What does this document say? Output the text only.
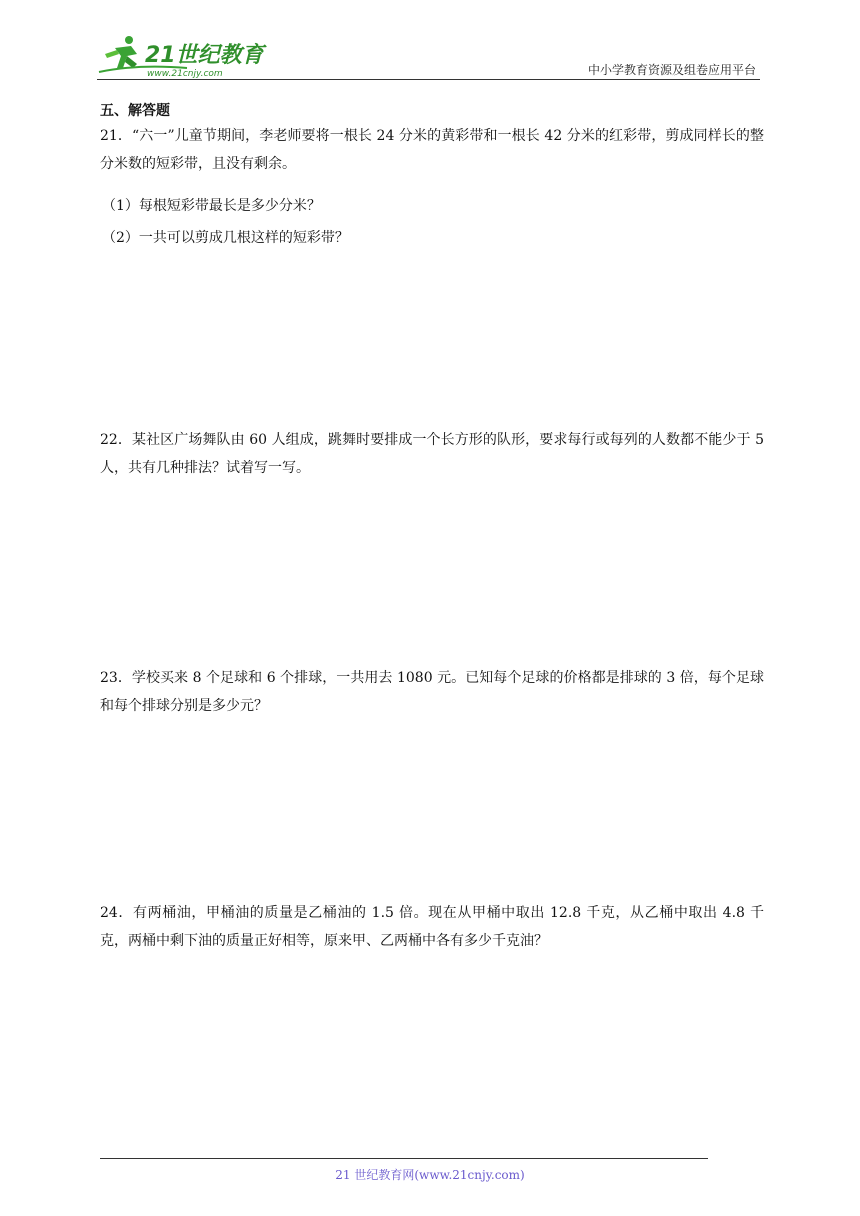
21世纪教育
www.21cnjy.com	中小学教育资源及组卷应用平台
五、解答题
21．“六一”儿童节期间，李老师要将一根长 24 分米的黄彩带和一根长 42 分米的红彩带，剪成同样长的整分米数的短彩带，且没有剩余。
（1）每根短彩带最长是多少分米？
（2）一共可以剪成几根这样的短彩带？
22．某社区广场舞队由 60 人组成，跳舞时要排成一个长方形的队形，要求每行或每列的人数都不能少于 5 人，共有几种排法？试着写一写。
23．学校买来 8 个足球和 6 个排球，一共用去 1080 元。已知每个足球的价格都是排球的 3 倍，每个足球和每个排球分别是多少元？
24．有两桶油，甲桶油的质量是乙桶油的 1.5 倍。现在从甲桶中取出 12.8 千克，从乙桶中取出 4.8 千克，两桶中剩下油的质量正好相等，原来甲、乙两桶中各有多少千克油？
21 世纪教育网(www.21cnjy.com)
